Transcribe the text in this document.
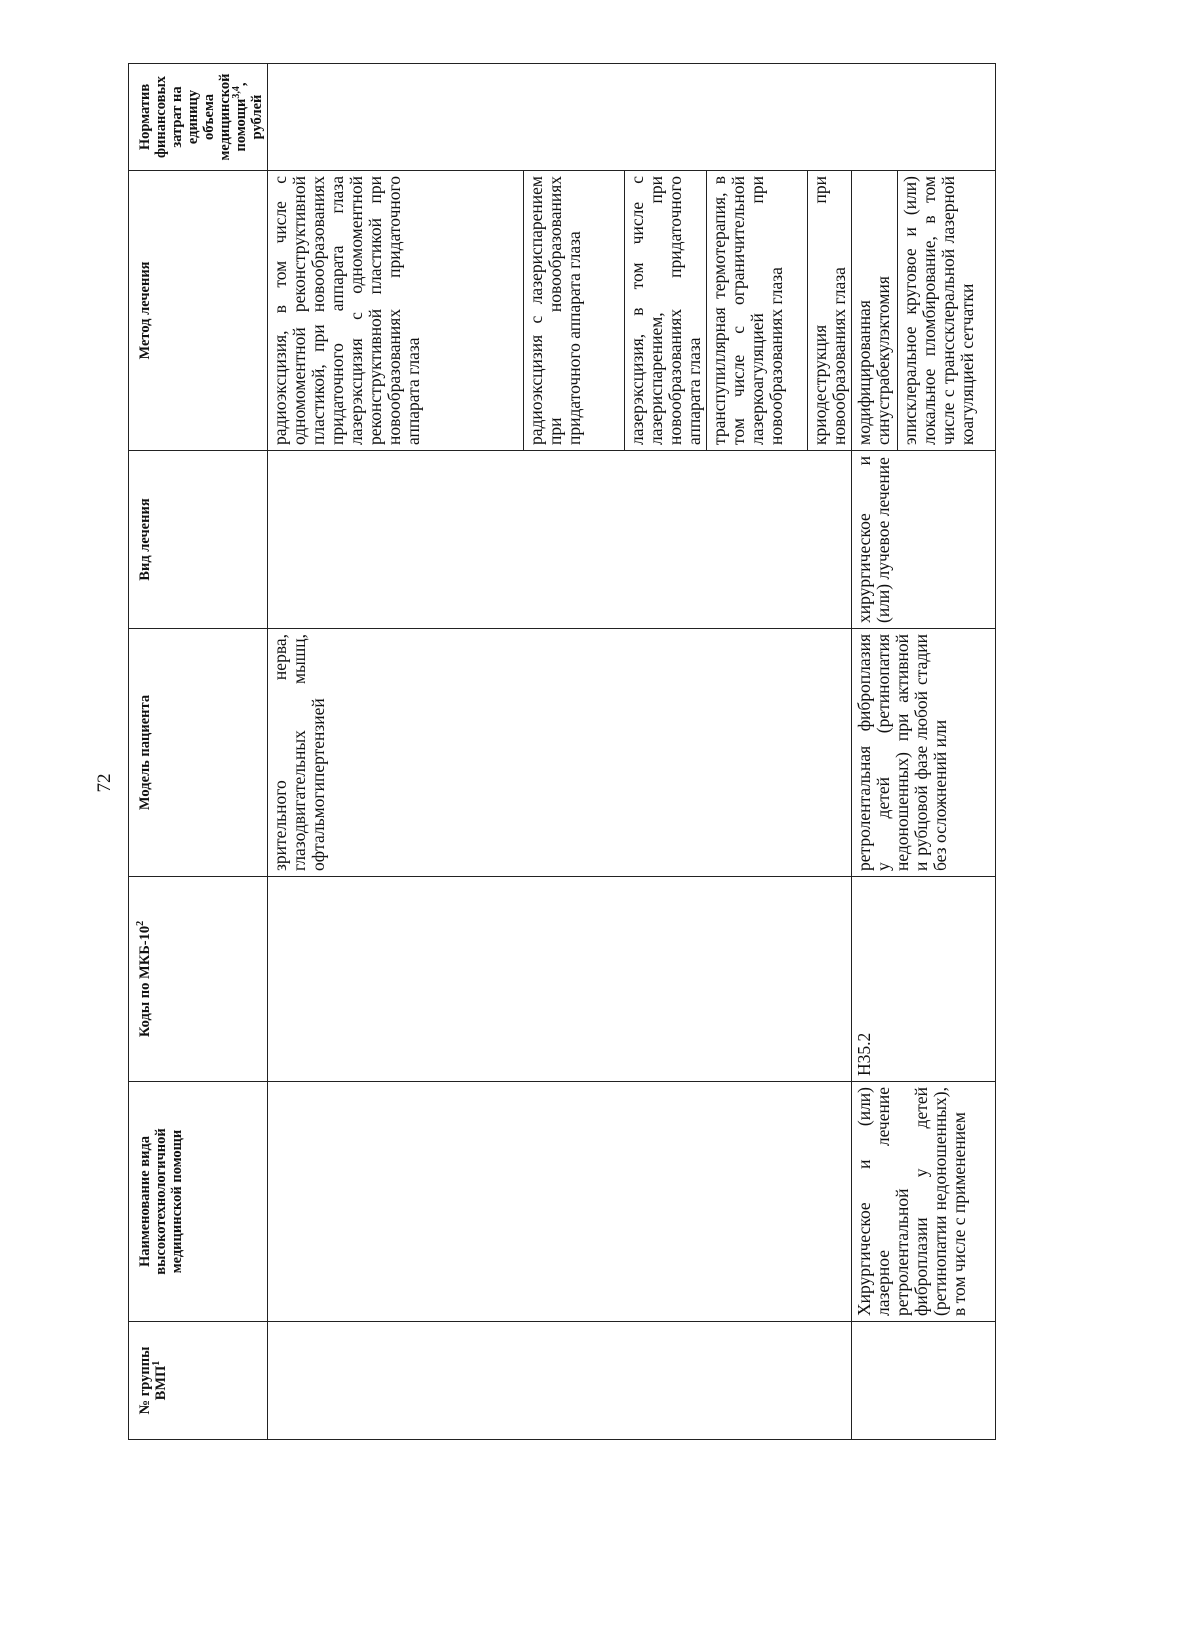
72
№ группы ВМП$^1$	Наименование вида высокотехнологичной медицинской помощи	Коды по МКБ-$10^2$	Модель пациента	Вид лечения	Метод лечения	Норматив финансовых затрат на единицу объема медицинской помощи$^{3,4}$, рублей
			зрительного нерва, глазодвигательных мышц, офтальмогипертензией		радиоэксцизия, в том числе с одномоментной реконструктивной пластикой, при новообразованиях придаточного аппарата глаза лазерэксцизия с одномоментной реконструктивной пластикой при новообразованиях придаточного аппарата глаза	
					радиоэксцизия с лазериспарением при новообразованиях придаточного аппарата глаза	
					лазерэксцизия, в том числе с лазериспарением, при новообразованиях придаточного аппарата глаза	
					транспупиллярная термотерапия, в том числе с ограничительной лазеркоагуляцией при новообразованиях глаза	
					криодеструкция при новообразованиях глаза	
	Хирургическое и (или) лазерное лечение ретролентальной фиброплазии у детей (ретинопатии недоношенных), в том числе с применением	H35.2	ретролентальная фиброплазия у детей (ретинопатия недоношенных) при активной и рубцовой фазе любой стадии без осложнений или	хирургическое и (или) лучевое лечение	модифицированная синустрабекулэктомия	
					эписклеральное круговое и (или) локальное пломбирование, в том числе с транссклеральной лазерной коагуляцией сетчатки	
